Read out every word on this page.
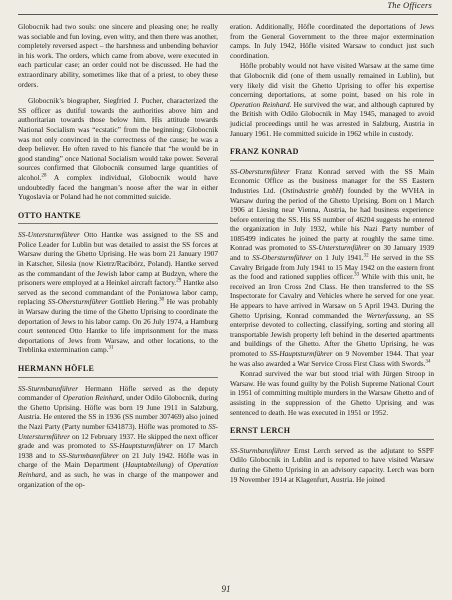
The Officers

Globocnik had two souls: one sincere and pleasing one; he really was sociable and fun loving, even witty, and then there was another, completely reversed aspect – the harshness and unbending behavior in his work. The orders, which came from above, were executed in each particular case; an order could not be discussed. He had the extraordinary ability, sometimes like that of a priest, to obey these orders.

Globocnik’s biographer, Siegfried J. Pucher, characterized the SS officer as dutiful towards the authorities above him and authoritarian towards those below him. His attitude towards National Socialism was “ecstatic” from the beginning; Globocnik was not only convinced in the correctness of the cause; he was a deep believer. He often raved to his fiancée that “he would be in good standing” once National Socialism would take power. Several sources confirmed that Globocnik consumed large quantities of alcohol.$^{28}$ A complex individual, Globocnik would have undoubtedly faced the hangman’s noose after the war in either Yugoslavia or Poland had he not committed suicide.

OTTO HANTKE

SS-Untersturmführer Otto Hantke was assigned to the SS and Police Leader for Lublin but was detailed to assist the SS forces at Warsaw during the Ghetto Uprising. He was born 21 January 1907 in Katscher, Silesia (now Kietrz/Racibórz, Poland). Hantke served as the commandant of the Jewish labor camp at Budzyn, where the prisoners were employed at a Heinkel aircraft factory.$^{29}$ Hantke also served as the second commandant of the Poniatowa labor camp, replacing SS-Obersturmführer Gottlieb Hering.$^{30}$ He was probably in Warsaw during the time of the Ghetto Uprising to coordinate the deportation of Jews to his labor camp. On 26 July 1974, a Hamburg court sentenced Otto Hantke to life imprisonment for the mass deportations of Jews from Warsaw, and other locations, to the Treblinka extermination camp.$^{31}$

HERMANN HÖFLE

SS-Sturmbannführer Hermann Höfle served as the deputy commander of Operation Reinhard, under Odilo Globocnik, during the Ghetto Uprising. Höfle was born 19 June 1911 in Salzburg, Austria. He entered the SS in 1936 (SS number 307469) also joined the Nazi Party (Party number 6341873). Höfle was promoted to SS-Untersturmführer on 12 February 1937. He skipped the next officer grade and was promoted to SS-Hauptsturmführer on 17 March 1938 and to SS-Sturmbannführer on 21 July 1942. Höfle was in charge of the Main Department (Hauptabteilung) of Operation Reinhard, and as such, he was in charge of the manpower and organization of the op-

eration. Additionally, Höfle coordinated the deportations of Jews from the General Government to the three major extermination camps. In July 1942, Höfle visited Warsaw to conduct just such coordination.

Höfle probably would not have visited Warsaw at the same time that Globocnik did (one of them usually remained in Lublin), but very likely did visit the Ghetto Uprising to offer his expertise concerning deportations, at some point, based on his role in Operation Reinhard. He survived the war, and although captured by the British with Odilo Globocnik in May 1945, managed to avoid judicial proceedings until he was arrested in Salzburg, Austria in January 1961. He committed suicide in 1962 while in custody.

FRANZ KONRAD

SS-Obersturmführer Franz Konrad served with the SS Main Economic Office as the business manager for the SS Eastern Industries Ltd. (Ostindustrie gmbH) founded by the WVHA in Warsaw during the period of the Ghetto Uprising. Born on 1 March 1906 at Liesing near Vienna, Austria, he had business experience before entering the SS. His SS number of 46204 suggests he entered the organization in July 1932, while his Nazi Party number of 1085499 indicates he joined the party at roughly the same time. Konrad was promoted to SS-Untersturmführer on 30 January 1939 and to SS-Obersturmführer on 1 July 1941.32 He served in the SS Cavalry Brigade from July 1941 to 15 May 1942 on the eastern front as the food and rationed supplies officer.$^{33}$ While with this unit, he received an Iron Cross 2nd Class. He then transferred to the SS Inspectorate for Cavalry and Vehicles where he served for one year. He appears to have arrived in Warsaw on 5 April 1943. During the Ghetto Uprising, Konrad commanded the Werterfassung, an SS enterprise devoted to collecting, classifying, sorting and storing all transportable Jewish property left behind in the deserted apartments and buildings of the Ghetto. After the Ghetto Uprising, he was promoted to SS-Hauptsturmführer on 9 November 1944. That year he was also awarded a War Service Cross First Class with Swords.$^{34}$

Konrad survived the war but stood trial with Jürgen Stroop in Warsaw. He was found guilty by the Polish Supreme National Court in 1951 of committing multiple murders in the Warsaw Ghetto and of assisting in the suppression of the Ghetto Uprising and was sentenced to death. He was executed in 1951 or 1952.

ERNST LERCH

SS-Sturmbannführer Ernst Lerch served as the adjutant to SSPF Odilo Globocnik in Lublin and is reported to have visited Warsaw during the Ghetto Uprising in an advisory capacity. Lerch was born 19 November 1914 at Klagenfurt, Austria. He joined

91
